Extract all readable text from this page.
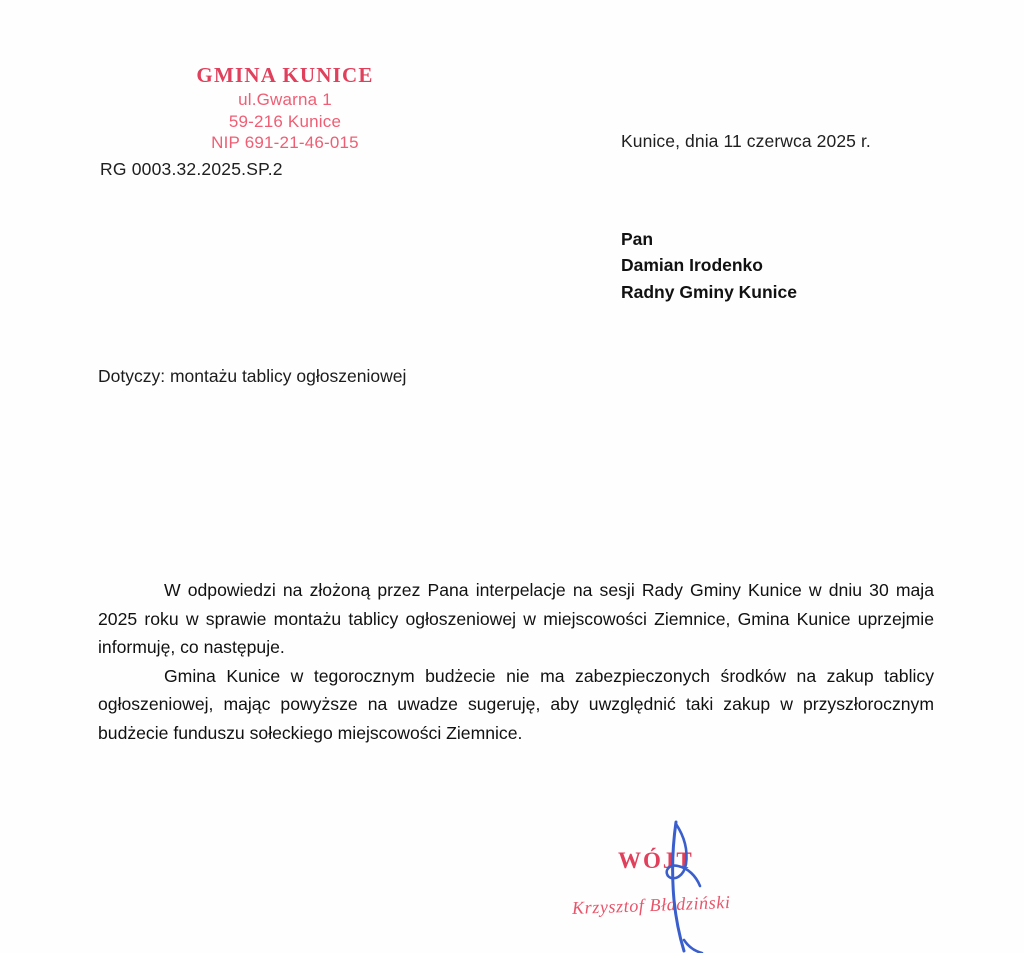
GMINA KUNICE
ul.Gwarna 1
59-216 Kunice
NIP 691-21-46-015
RG 0003.32.2025.SP.2
Kunice, dnia 11 czerwca 2025 r.
Pan
Damian Irodenko
Radny Gminy Kunice
Dotyczy: montażu tablicy ogłoszeniowej

W odpowiedzi na złożoną przez Pana interpelacje na sesji Rady Gminy Kunice w dniu 30 maja 2025 roku w sprawie montażu tablicy ogłoszeniowej w miejscowości Ziemnice, Gmina Kunice uprzejmie informuję, co następuje.

Gmina Kunice w tegorocznym budżecie nie ma zabezpieczonych środków na zakup tablicy ogłoszeniowej, mając powyższe na uwadze sugeruję, aby uwzględnić taki zakup w przyszłorocznym budżecie funduszu sołeckiego miejscowości Ziemnice.

WÓJT
Krzysztof Bładziński
